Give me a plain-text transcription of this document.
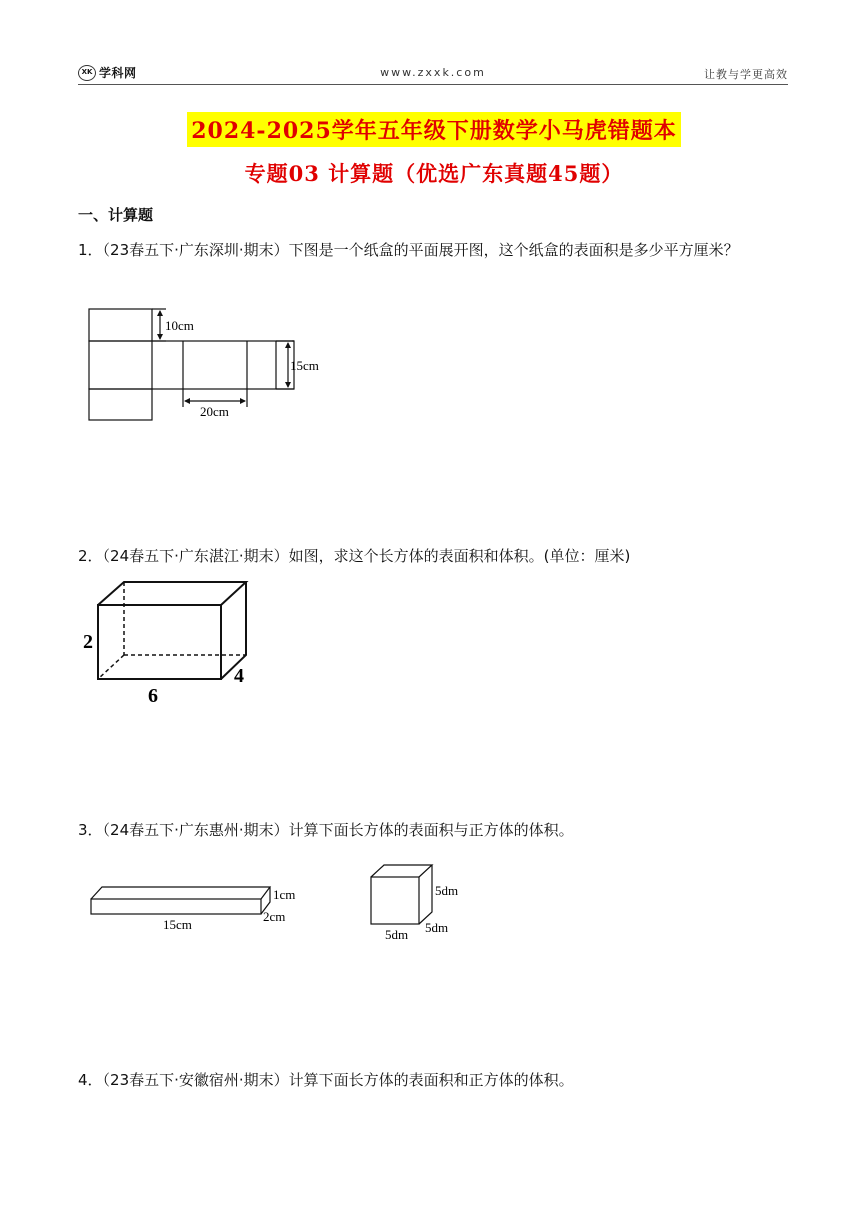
XK 学科网	www.zxxk.com	让教与学更高效
2024-2025学年五年级下册数学小马虎错题本
专题03 计算题（优选广东真题45题）
一、计算题
1．（23春五下·广东深圳·期末）下图是一个纸盒的平面展开图，这个纸盒的表面积是多少平方厘米？
10cm
15cm
20cm
2．（24春五下·广东湛江·期末）如图，求这个长方体的表面积和体积。(单位：厘米)
2
6
4
3．（24春五下·广东惠州·期末）计算下面长方体的表面积与正方体的体积。
1cm
2cm
15cm
5dm
5dm 5dm
4．（23春五下·安徽宿州·期末）计算下面长方体的表面积和正方体的体积。
